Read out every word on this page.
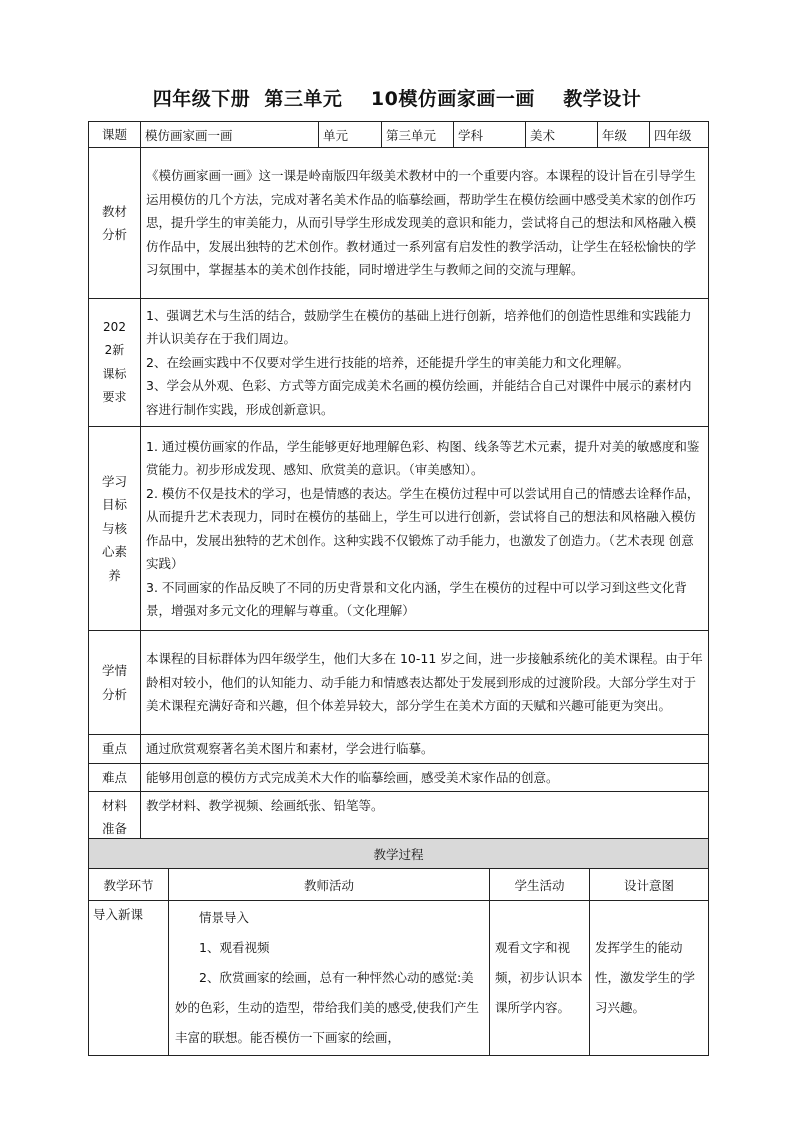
四年级下册  第三单元    10模仿画家画一画    教学设计
课题	模仿画家画一画	单元	第三单元	学科	美术	年级	四年级
教材分析	《模仿画家画一画》这一课是岭南版四年级美术教材中的一个重要内容。本课程的设计旨在引导学生运用模仿的几个方法，完成对著名美术作品的临摹绘画，帮助学生在模仿绘画中感受美术家的创作巧思，提升学生的审美能力，从而引导学生形成发现美的意识和能力，尝试将自己的想法和风格融入模仿作品中，发展出独特的艺术创作。教材通过一系列富有启发性的教学活动，让学生在轻松愉快的学习氛围中，掌握基本的美术创作技能，同时增进学生与教师之间的交流与理解。						
2022新课标要求	1、强调艺术与生活的结合，鼓励学生在模仿的基础上进行创新，培养他们的创造性思维和实践能力并认识美存在于我们周边。

2、在绘画实践中不仅要对学生进行技能的培养，还能提升学生的审美能力和文化理解。

3、学会从外观、色彩、方式等方面完成美术名画的模仿绘画，并能结合自己对课件中展示的素材内容进行制作实践，形成创新意识。						

学习目标与核心素养	1. 通过模仿画家的作品，学生能够更好地理解色彩、构图、线条等艺术元素，提升对美的敏感度和鉴赏能力。初步形成发现、感知、欣赏美的意识。（审美感知）。

2. 模仿不仅是技术的学习，也是情感的表达。学生在模仿过程中可以尝试用自己的情感去诠释作品，从而提升艺术表现力，同时在模仿的基础上，学生可以进行创新，尝试将自己的想法和风格融入模仿作品中，发展出独特的艺术创作。这种实践不仅锻炼了动手能力，也激发了创造力。（艺术表现 创意实践）

3. 不同画家的作品反映了不同的历史背景和文化内涵，学生在模仿的过程中可以学习到这些文化背景，增强对多元文化的理解与尊重。（文化理解）						

学情分析	本课程的目标群体为四年级学生，他们大多在 10-11 岁之间，进一步接触系统化的美术课程。由于年龄相对较小，他们的认知能力、动手能力和情感表达都处于发展到形成的过渡阶段。大部分学生对于美术课程充满好奇和兴趣，但个体差异较大，部分学生在美术方面的天赋和兴趣可能更为突出。						
重点	通过欣赏观察著名美术图片和素材，学会进行临摹。						
难点	能够用创意的模仿方式完成美术大作的临摹绘画，感受美术家作品的创意。						
材料准备	教学材料、教学视频、绘画纸张、铅笔等。						
教学过程			
教学环节	教师活动	学生活动	设计意图
导入新课	情景导入

1、观看视频

2、欣赏画家的绘画，总有一种怦然心动的感觉:美妙的色彩，生动的造型，带给我们美的感受,使我们产生丰富的联想。能否模仿一下画家的绘画，	观看文字和视频，初步认识本课所学内容。	发挥学生的能动性，激发学生的学习兴趣。
